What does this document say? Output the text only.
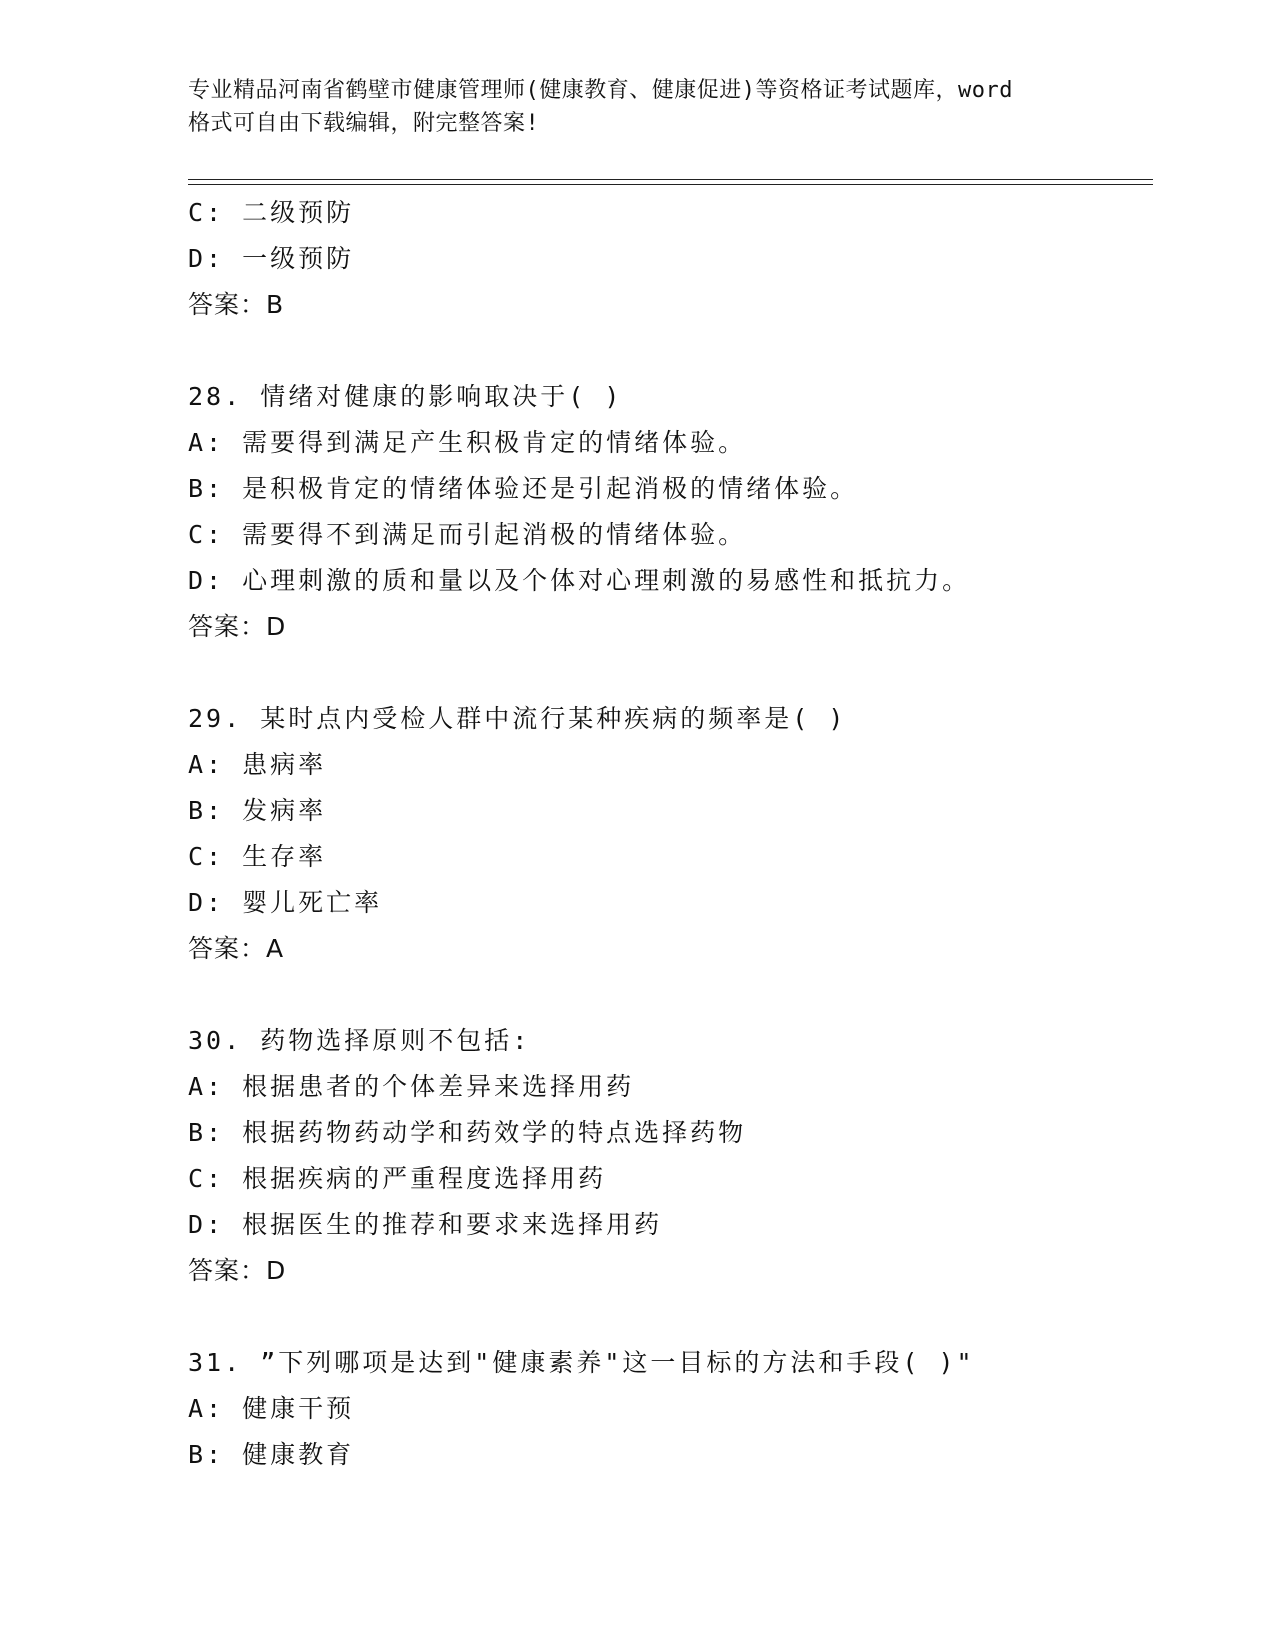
专业精品河南省鹤壁市健康管理师(健康教育、健康促进)等资格证考试题库，word
格式可自由下载编辑，附完整答案!
C: 二级预防
D: 一级预防
答案：B
28. 情绪对健康的影响取决于( )
A: 需要得到满足产生积极肯定的情绪体验。
B: 是积极肯定的情绪体验还是引起消极的情绪体验。
C: 需要得不到满足而引起消极的情绪体验。
D: 心理刺激的质和量以及个体对心理刺激的易感性和抵抗力。
答案：D
29. 某时点内受检人群中流行某种疾病的频率是( )
A: 患病率
B: 发病率
C: 生存率
D: 婴儿死亡率
答案：A
30. 药物选择原则不包括:
A: 根据患者的个体差异来选择用药
B: 根据药物药动学和药效学的特点选择药物
C: 根据疾病的严重程度选择用药
D: 根据医生的推荐和要求来选择用药
答案：D
31. ”下列哪项是达到"健康素养"这一目标的方法和手段( )"
A: 健康干预
B: 健康教育
